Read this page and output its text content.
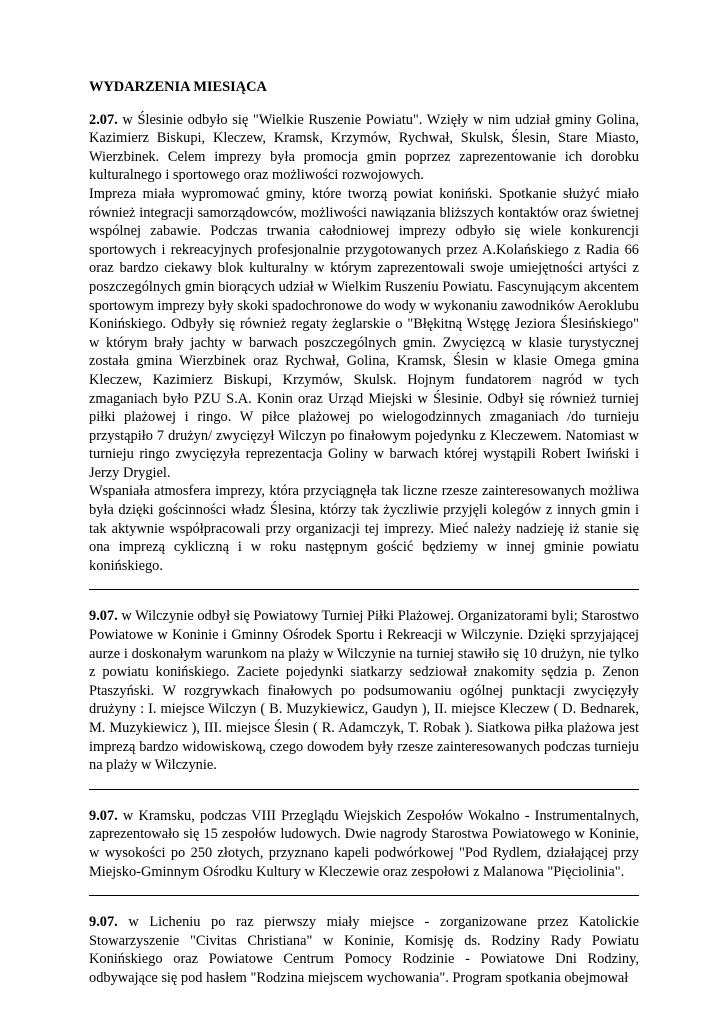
WYDARZENIA MIESIĄCA

2.07. w Ślesinie odbyło się "Wielkie Ruszenie Powiatu". Wzięły w nim udział gminy Golina, Kazimierz Biskupi, Kleczew, Kramsk, Krzymów, Rychwał, Skulsk, Ślesin, Stare Miasto, Wierzbinek. Celem imprezy była promocja gmin poprzez zaprezentowanie ich dorobku kulturalnego i sportowego oraz możliwości rozwojowych.

Impreza miała wypromować gminy, które tworzą powiat koniński. Spotkanie służyć miało również integracji samorządowców, możliwości nawiązania bliższych kontaktów oraz świetnej wspólnej zabawie. Podczas trwania całodniowej imprezy odbyło się wiele konkurencji sportowych i rekreacyjnych profesjonalnie przygotowanych przez A.Kolańskiego z Radia 66 oraz bardzo ciekawy blok kulturalny w którym zaprezentowali swoje umiejętności artyści z poszczególnych gmin biorących udział w Wielkim Ruszeniu Powiatu. Fascynującym akcentem sportowym imprezy były skoki spadochronowe do wody w wykonaniu zawodników Aeroklubu Konińskiego. Odbyły się również regaty żeglarskie o "Błękitną Wstęgę Jeziora Ślesińskiego" w którym brały jachty w barwach poszczególnych gmin. Zwycięzcą w klasie turystycznej została gmina Wierzbinek oraz Rychwał, Golina, Kramsk, Ślesin w klasie Omega gmina Kleczew, Kazimierz Biskupi, Krzymów, Skulsk. Hojnym fundatorem nagród w tych zmaganiach było PZU S.A. Konin oraz Urząd Miejski w Ślesinie. Odbył się również turniej piłki plażowej i ringo. W piłce plażowej po wielogodzinnych zmaganiach /do turnieju przystąpiło 7 drużyn/ zwycięzył Wilczyn po finałowym pojedynku z Kleczewem. Natomiast w turnieju ringo zwycięzyła reprezentacja Goliny w barwach której wystąpili Robert Iwiński i Jerzy Drygiel.

Wspaniała atmosfera imprezy, która przyciągnęła tak liczne rzesze zainteresowanych możliwa była dzięki gościnności władz Ślesina, którzy tak życzliwie przyjęli kolegów z innych gmin i tak aktywnie współpracowali przy organizacji tej imprezy. Mieć należy nadzieję iż stanie się ona imprezą cykliczną i w roku następnym gościć będziemy w innej gminie powiatu konińskiego.

9.07. w Wilczynie odbył się Powiatowy Turniej Piłki Plażowej. Organizatorami byli; Starostwo Powiatowe w Koninie i Gminny Ośrodek Sportu i Rekreacji w Wilczynie. Dzięki sprzyjającej aurze i doskonałym warunkom na plaży w Wilczynie na turniej stawiło się 10 drużyn, nie tylko z powiatu konińskiego. Zaciete pojedynki siatkarzy sedziował znakomity sędzia p. Zenon Ptaszyński. W rozgrywkach finałowych po podsumowaniu ogólnej punktacji zwycięzyły drużyny : I. miejsce Wilczyn ( B. Muzykiewicz, Gaudyn ), II. miejsce Kleczew ( D. Bednarek, M. Muzykiewicz ), III. miejsce Ślesin ( R. Adamczyk, T. Robak ). Siatkowa piłka plażowa jest imprezą bardzo widowiskową, czego dowodem były rzesze zainteresowanych podczas turnieju na plaży w Wilczynie.

9.07. w Kramsku, podczas VIII Przeglądu Wiejskich Zespołów Wokalno - Instrumentalnych, zaprezentowało się 15 zespołów ludowych. Dwie nagrody Starostwa Powiatowego w Koninie, w wysokości po 250 złotych, przyznano kapeli podwórkowej "Pod Rydlem, działającej przy Miejsko-Gminnym Ośrodku Kultury w Kleczewie oraz zespołowi z Malanowa "Pięciolinia".

9.07. w Licheniu po raz pierwszy miały miejsce - zorganizowane przez Katolickie Stowarzyszenie "Civitas Christiana" w Koninie, Komisję ds. Rodziny Rady Powiatu Konińskiego oraz Powiatowe Centrum Pomocy Rodzinie - Powiatowe Dni Rodziny, odbywające się pod hasłem "Rodzina miejscem wychowania". Program spotkania obejmował
